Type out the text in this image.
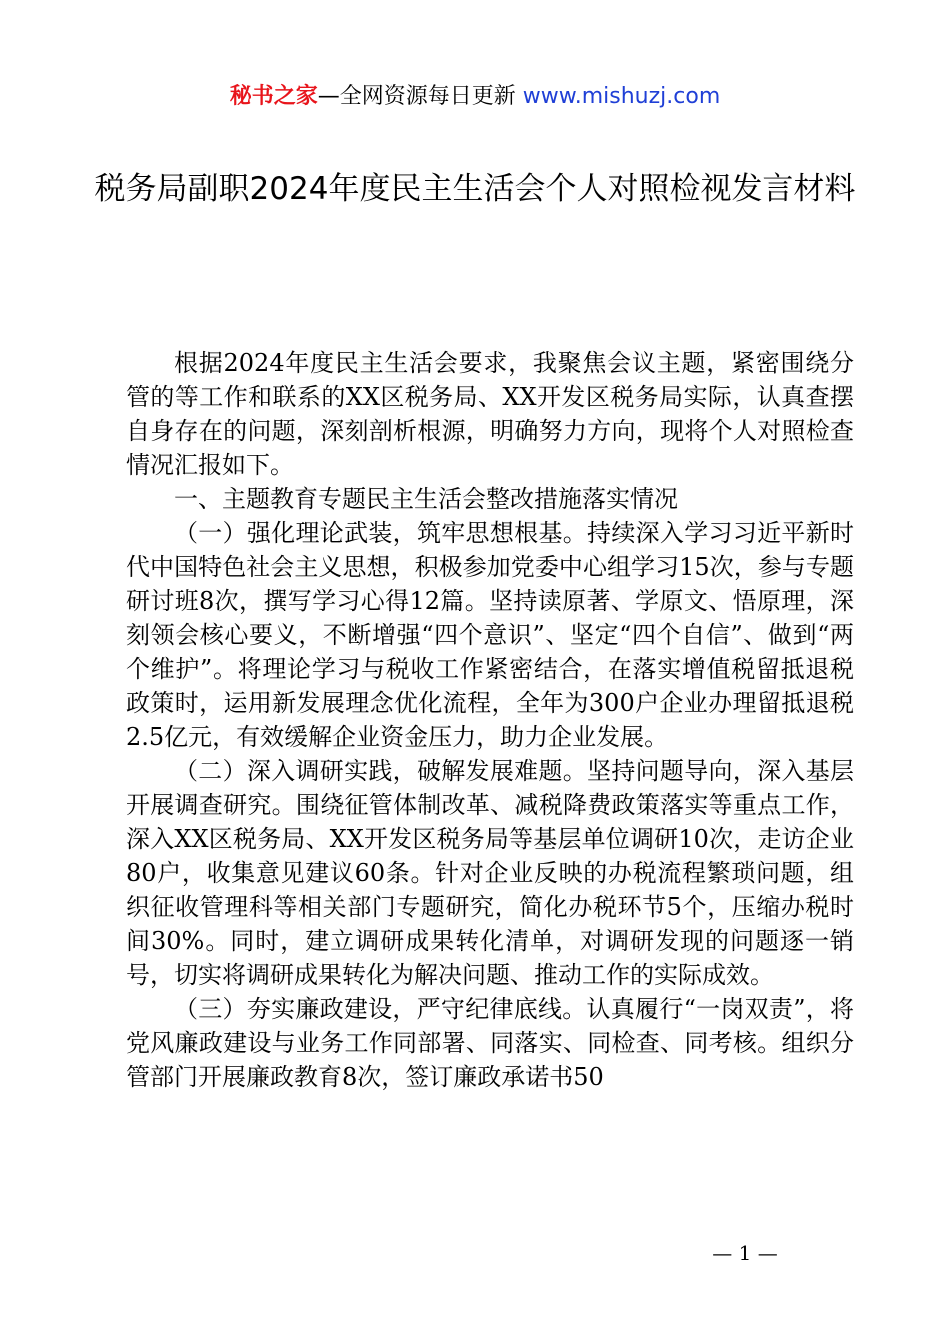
秘书之家—全网资源每日更新 www.mishuzj.com
税务局副职2024年度民主生活会个人对照检视发言材料

根据2024年度民主生活会要求，我聚焦会议主题，紧密围绕分管的等工作和联系的XX区税务局、XX开发区税务局实际，认真查摆自身存在的问题，深刻剖析根源，明确努力方向，现将个人对照检查情况汇报如下。

一、主题教育专题民主生活会整改措施落实情况

（一）强化理论武装，筑牢思想根基。持续深入学习习近平新时代中国特色社会主义思想，积极参加党委中心组学习15次，参与专题研讨班8次，撰写学习心得12篇。坚持读原著、学原文、悟原理，深刻领会核心要义，不断增强“四个意识”、坚定“四个自信”、做到“两个维护”。将理论学习与税收工作紧密结合，在落实增值税留抵退税政策时，运用新发展理念优化流程，全年为300户企业办理留抵退税2.5亿元，有效缓解企业资金压力，助力企业发展。

（二）深入调研实践，破解发展难题。坚持问题导向，深入基层开展调查研究。围绕征管体制改革、减税降费政策落实等重点工作，深入XX区税务局、XX开发区税务局等基层单位调研10次，走访企业80户，收集意见建议60条。针对企业反映的办税流程繁琐问题，组织征收管理科等相关部门专题研究，简化办税环节5个，压缩办税时间30%。同时，建立调研成果转化清单，对调研发现的问题逐一销号，切实将调研成果转化为解决问题、推动工作的实际成效。

（三）夯实廉政建设，严守纪律底线。认真履行“一岗双责”，将党风廉政建设与业务工作同部署、同落实、同检查、同考核。组织分管部门开展廉政教育8次，签订廉政承诺书50

— 1 —
